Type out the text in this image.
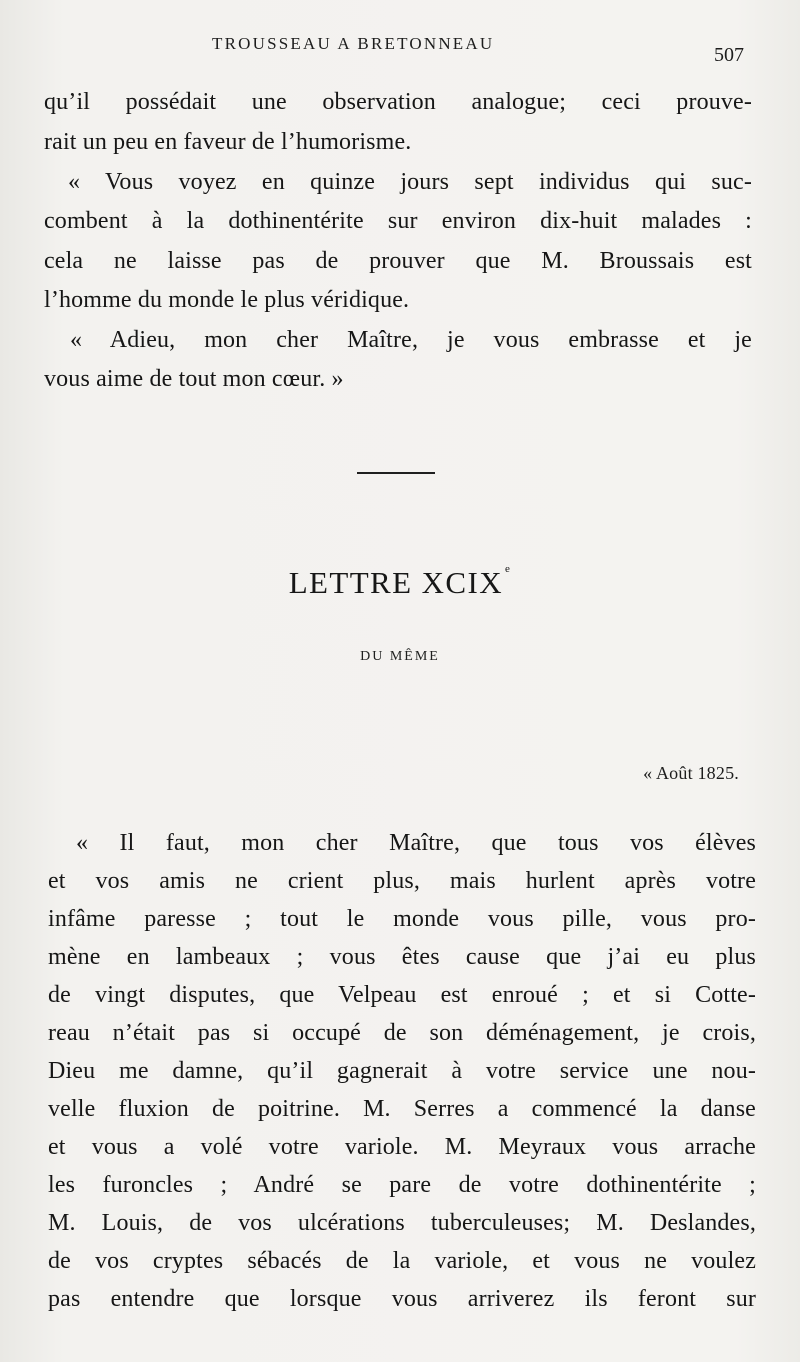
TROUSSEAU A BRETONNEAU
507
qu’il possédait une observation analogue; ceci prouve-
rait un peu en faveur de l’humorisme.
« Vous voyez en quinze jours sept individus qui suc-
combent à la dothinentérite sur environ dix-huit malades :
cela ne laisse pas de prouver que M. Broussais est
l’homme du monde le plus véridique.
« Adieu, mon cher Maître, je vous embrasse et je
vous aime de tout mon cœur. »
LETTRE XCIX $^e$
DU MÊME
« Août 1825.
« Il faut, mon cher Maître, que tous vos élèves
et vos amis ne crient plus, mais hurlent après votre
infâme paresse ; tout le monde vous pille, vous pro-
mène en lambeaux ; vous êtes cause que j’ai eu plus
de vingt disputes, que Velpeau est enroué ; et si Cotte-
reau n’était pas si occupé de son déménagement, je crois,
Dieu me damne, qu’il gagnerait à votre service une nou-
velle fluxion de poitrine. M. Serres a commencé la danse
et vous a volé votre variole. M. Meyraux vous arrache
les furoncles ; André se pare de votre dothinentérite ;
M. Louis, de vos ulcérations tuberculeuses; M. Deslandes,
de vos cryptes sébacés de la variole, et vous ne voulez
pas entendre que lorsque vous arriverez ils feront sur
